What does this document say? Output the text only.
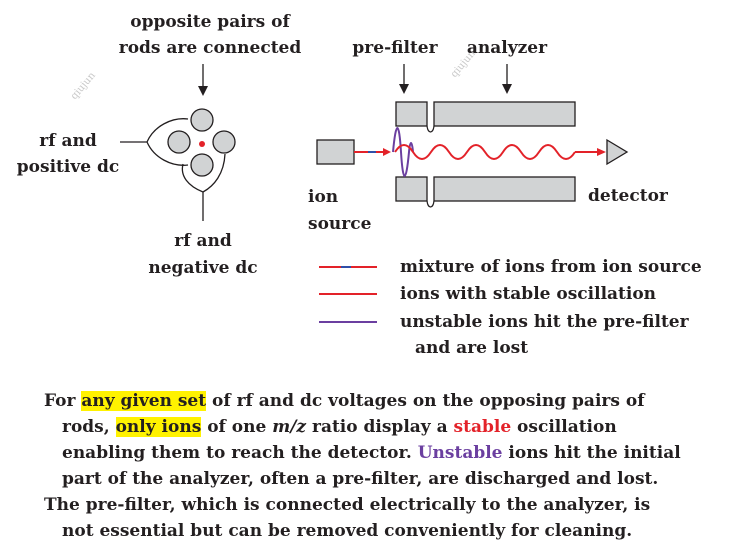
qiujun
qiujun
opposite pairs of
rods are connected
rf and
positive dc
rf and
negative dc
pre-filter analyzer
ion
source
detector
mixture of ions from ion source
ions with stable oscillation
unstable ions hit the pre-filter
and are lost
For any given set of rf and dc voltages on the opposing pairs of
rods, only ions of one m/z ratio display a stable oscillation
enabling them to reach the detector. Unstable ions hit the initial
part of the analyzer, often a pre-filter, are discharged and lost.
The pre-filter, which is connected electrically to the analyzer, is
not essential but can be removed conveniently for cleaning.
